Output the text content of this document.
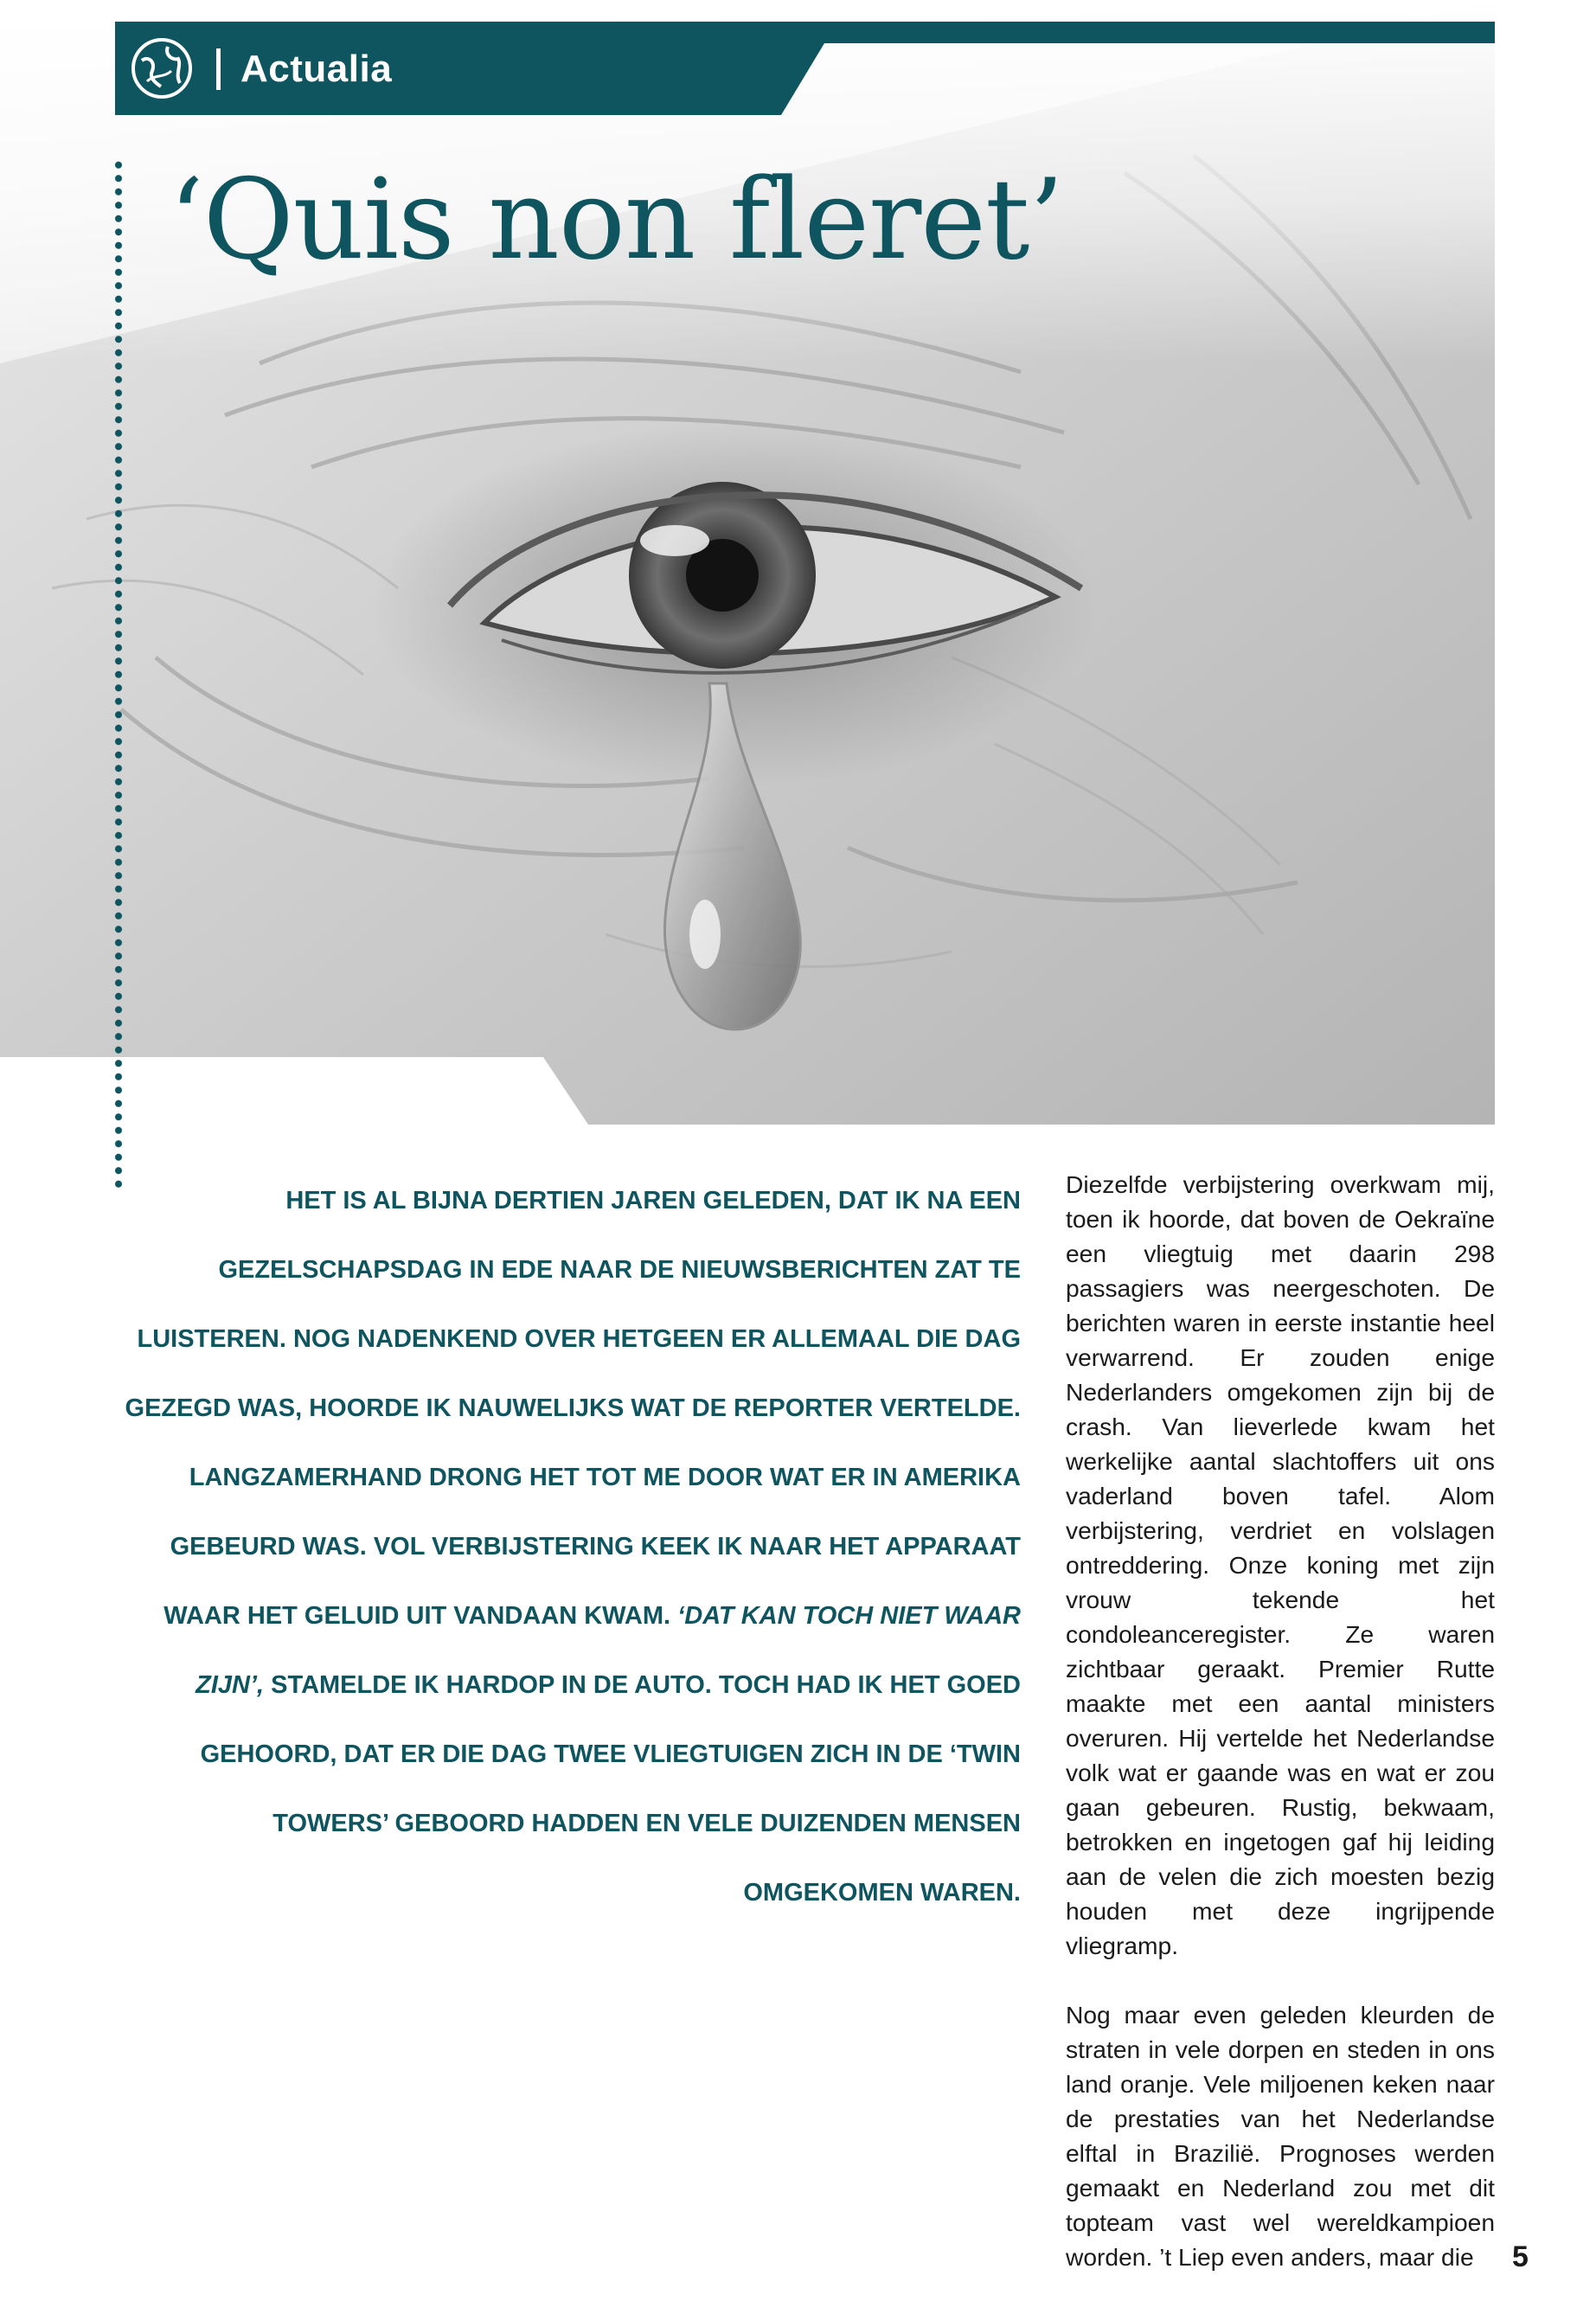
Actualia
‘Quis non fleret’
HET IS AL BIJNA DERTIEN JAREN GELEDEN, DAT IK NA EEN GEZELSCHAPSDAG IN EDE NAAR DE NIEUWSBERICHTEN ZAT TE LUISTEREN. NOG NADENKEND OVER HETGEEN ER ALLEMAAL DIE DAG GEZEGD WAS, HOORDE IK NAUWELIJKS WAT DE REPORTER VERTELDE. LANGZAMERHAND DRONG HET TOT ME DOOR WAT ER IN AMERIKA GEBEURD WAS. VOL VERBIJSTERING KEEK IK NAAR HET APPARAAT WAAR HET GELUID UIT VANDAAN KWAM. ‘DAT KAN TOCH NIET WAAR ZIJN’, STAMELDE IK HARDOP IN DE AUTO. TOCH HAD IK HET GOED GEHOORD, DAT ER DIE DAG TWEE VLIEGTUIGEN ZICH IN DE ‘TWIN TOWERS’ GEBOORD HADDEN EN VELE DUIZENDEN MENSEN OMGEKOMEN WAREN.

Diezelfde verbijstering overkwam mij, toen ik hoorde, dat boven de Oekraïne een vliegtuig met daarin 298 passagiers was neergeschoten. De berichten waren in eerste instantie heel verwarrend. Er zouden enige Nederlanders omgekomen zijn bij de crash. Van lieverlede kwam het werkelijke aantal slachtoffers uit ons vaderland boven tafel. Alom verbijstering, verdriet en volslagen ontreddering. Onze koning met zijn vrouw tekende het condoleanceregister. Ze waren zichtbaar geraakt. Premier Rutte maakte met een aantal ministers overuren. Hij vertelde het Nederlandse volk wat er gaande was en wat er zou gaan gebeuren. Rustig, bekwaam, betrokken en ingetogen gaf hij leiding aan de velen die zich moesten bezig houden met deze ingrijpende vliegramp.

Nog maar even geleden kleurden de straten in vele dorpen en steden in ons land oranje. Vele miljoenen keken naar de prestaties van het Nederlandse elftal in Brazilië. Prognoses werden gemaakt en Nederland zou met dit topteam vast wel wereldkampioen worden. ’t Liep even anders, maar die	5
